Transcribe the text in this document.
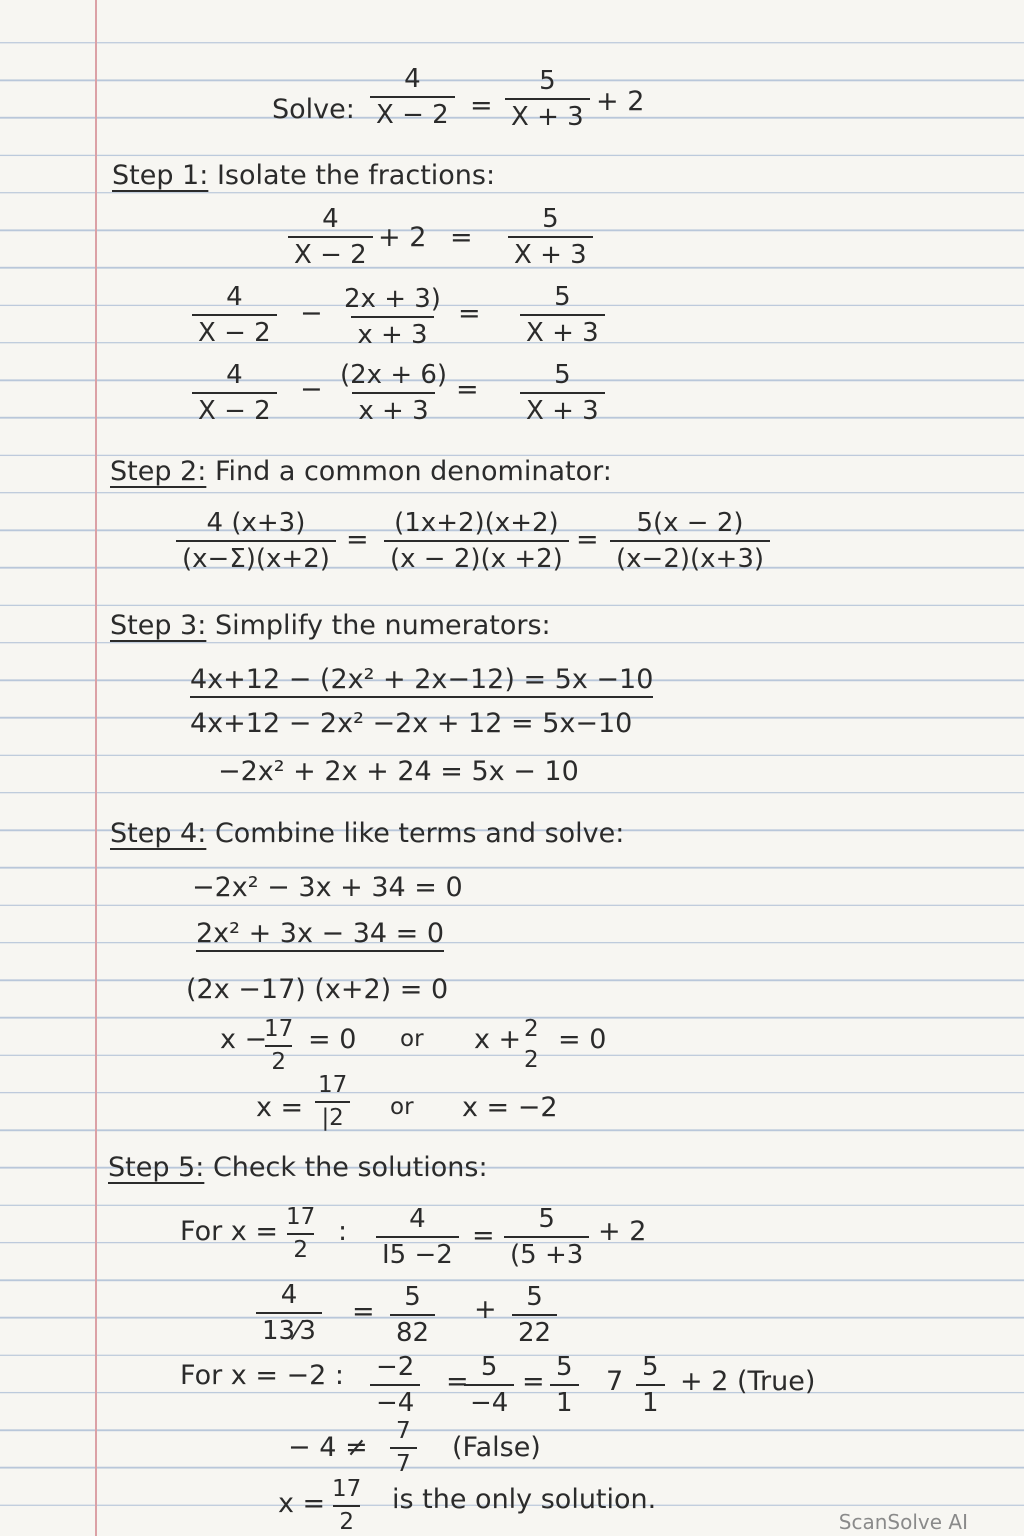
Solve: $\frac{4}{X - 2} = \frac{5}{X + 3} + 2$
Step 1: Isolate the fractions:
$\frac{4}{X - 2} + 2 = \frac{5}{X + 3}$
$\frac{4}{X - 2} - \frac{2x + 3)}{x + 3} = \frac{5}{X + 3}$
$\frac{4}{X - 2} - \frac{(2x + 6)}{x + 3} = \frac{5}{X + 3}$
Step 2: Find a common denominator:
$\frac{4 (x+3)}{(x-\Sigma)(x+2)} = \frac{(1x+2)(x+2)}{(x - 2)(x +2)} = \frac{5(x - 2)}{(x-2)(x+3)}$
Step 3: Simplify the numerators:
4x+12 − (2x² + 2x−12) = 5x −10
4x+12 − 2x² −2x + 12 = 5x−10
−2x² + 2x + 24 = 5x − 10
Step 4: Combine like terms and solve:
−2x² − 3x + 34 = 0
2x² + 3x − 34 = 0
(2x −17) (x+2) = 0
x −
$\frac{17}{2} = 0$ or x + 2
2
= 0
$x = \frac{17}{|2}$ or x = −2
Step 5: Check the solutions:
For $x = \frac{17}{2}$ : $\frac{4}{I5 -2} = \frac{5}{(5 +3} + 2$
$\frac{4}{13⁄3} = \frac{5}{82} + \frac{5}{22}$
For x = −2 : $\frac{-2}{-4}$ =
$\frac{5}{-4} = \frac{5}{1} 7 \frac{5}{1} + 2$ (True)
− $4 \ne \frac{7}{7}$ (False)
$x = \frac{17}{2}$ is the only solution.
ScanSolve AI
